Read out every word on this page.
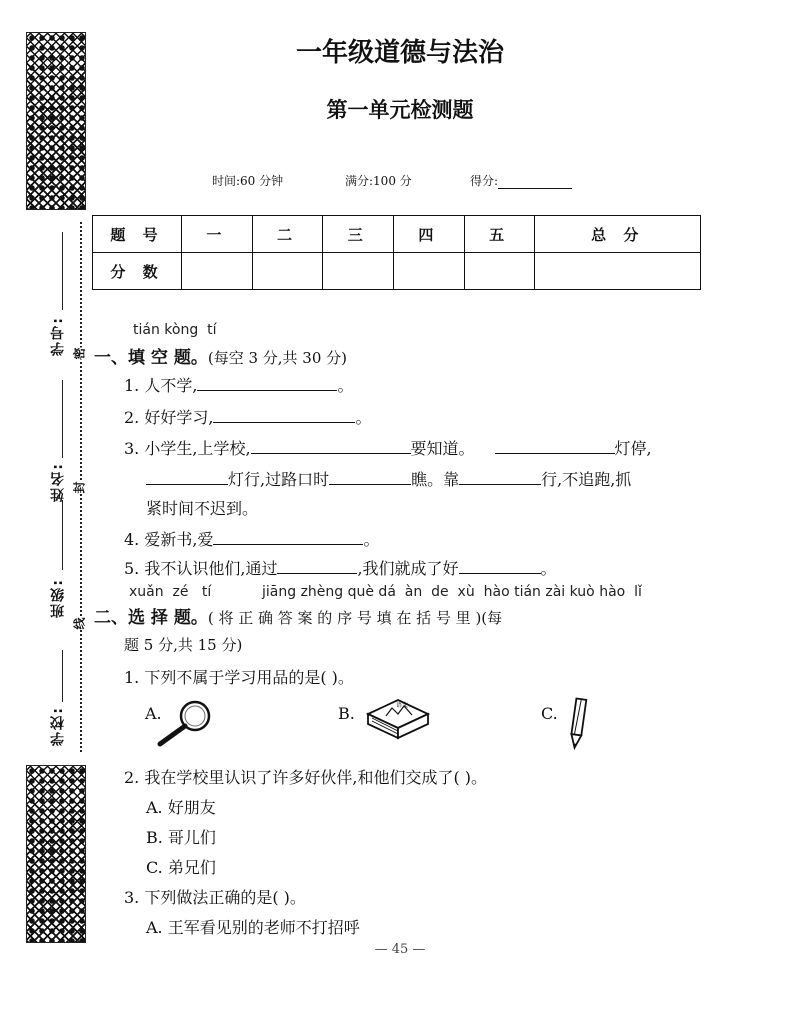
学号:
姓名:
班级:
学校:
密
封
线
一年级道德与法治
第一单元检测题
时间:60 分钟	满分:100 分	得分:
题 号	一	二	三	四	五	总 分
分 数						
tián kòng  tí
一、填 空 题。(每空 3 分,共 30 分)
1. 人不学,	。
2. 好好学习,	。
3. 小学生,上学校,	要知道。	灯停,
灯行,过路口时	瞧。靠	行,不追跑,抓
紧时间不迟到。
4. 爱新书,爱	。
5. 我不认识他们,通过	,我们就成了好	。
xuǎn  zé   tí	jiāng zhèng què dá  àn  de  xù  hào tián zài kuò hào  lǐ
二、选 择 题。( 将 正 确 答 案 的 序 号 填 在 括 号 里 )(每
题 5 分,共 15 分)
1. 下列不属于学习用品的是( )。
A.	B.	语文	C.
2. 我在学校里认识了许多好伙伴,和他们交成了( )。
A. 好朋友
B. 哥儿们
C. 弟兄们
3. 下列做法正确的是( )。
A. 王军看见别的老师不打招呼
— 45 —
